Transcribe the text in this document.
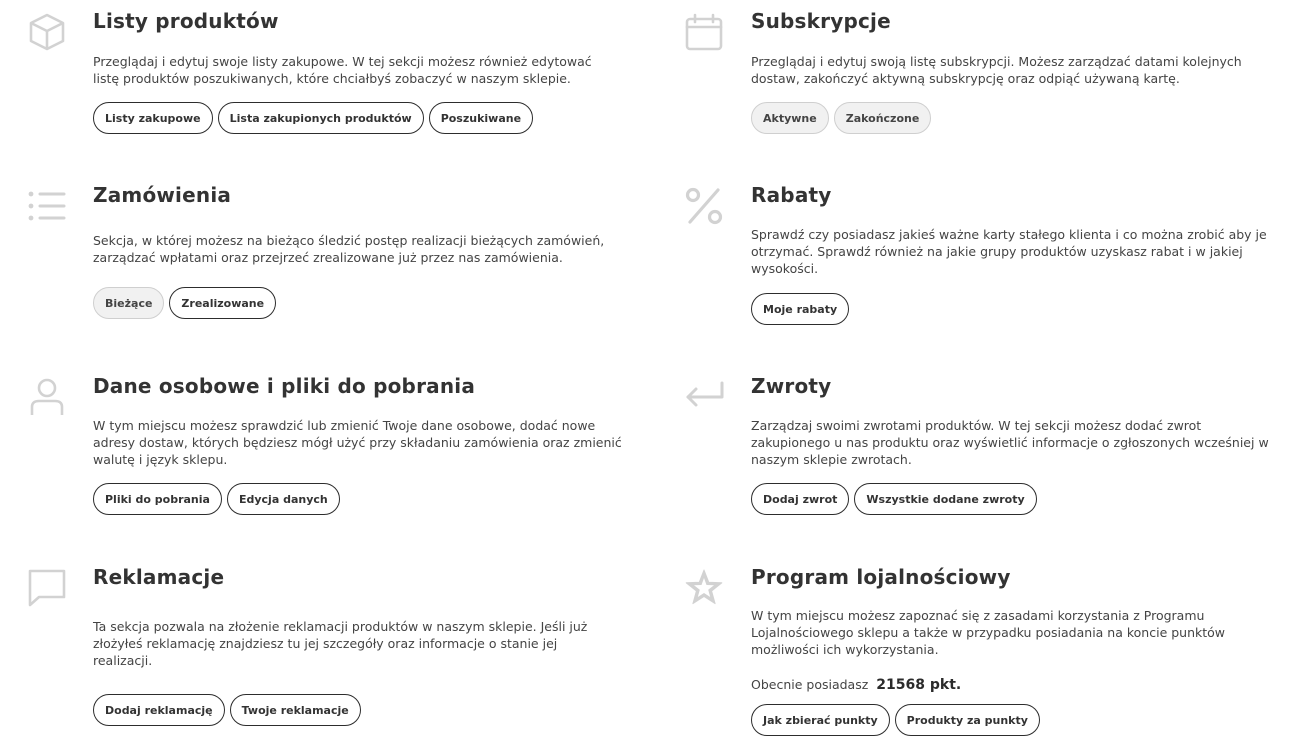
Listy produktów
Przeglądaj i edytuj swoje listy zakupowe. W tej sekcji możesz również edytować
listę produktów poszukiwanych, które chciałbyś zobaczyć w naszym sklepie.
Listy zakupowe	Lista zakupionych produktów	Poszukiwane
Subskrypcje
Przeglądaj i edytuj swoją listę subskrypcji. Możesz zarządzać datami kolejnych
dostaw, zakończyć aktywną subskrypcję oraz odpiąć używaną kartę.
Aktywne	Zakończone
Zamówienia
Sekcja, w której możesz na bieżąco śledzić postęp realizacji bieżących zamówień,
zarządzać wpłatami oraz przejrzeć zrealizowane już przez nas zamówienia.
Bieżące	Zrealizowane
Rabaty
Sprawdź czy posiadasz jakieś ważne karty stałego klienta i co można zrobić aby je
otrzymać. Sprawdź również na jakie grupy produktów uzyskasz rabat i w jakiej
wysokości.
Moje rabaty
Dane osobowe i pliki do pobrania
W tym miejscu możesz sprawdzić lub zmienić Twoje dane osobowe, dodać nowe
adresy dostaw, których będziesz mógł użyć przy składaniu zamówienia oraz zmienić
walutę i język sklepu.
Pliki do pobrania	Edycja danych
Zwroty
Zarządzaj swoimi zwrotami produktów. W tej sekcji możesz dodać zwrot
zakupionego u nas produktu oraz wyświetlić informacje o zgłoszonych wcześniej w
naszym sklepie zwrotach.
Dodaj zwrot	Wszystkie dodane zwroty
Reklamacje
Ta sekcja pozwala na złożenie reklamacji produktów w naszym sklepie. Jeśli już
złożyłeś reklamację znajdziesz tu jej szczegóły oraz informacje o stanie jej
realizacji.
Dodaj reklamację	Twoje reklamacje
Program lojalnościowy
W tym miejscu możesz zapoznać się z zasadami korzystania z Programu
Lojalnościowego sklepu a także w przypadku posiadania na koncie punktów
możliwości ich wykorzystania.

Obecnie posiadasz 21568 pkt.

Jak zbierać punkty	Produkty za punkty
